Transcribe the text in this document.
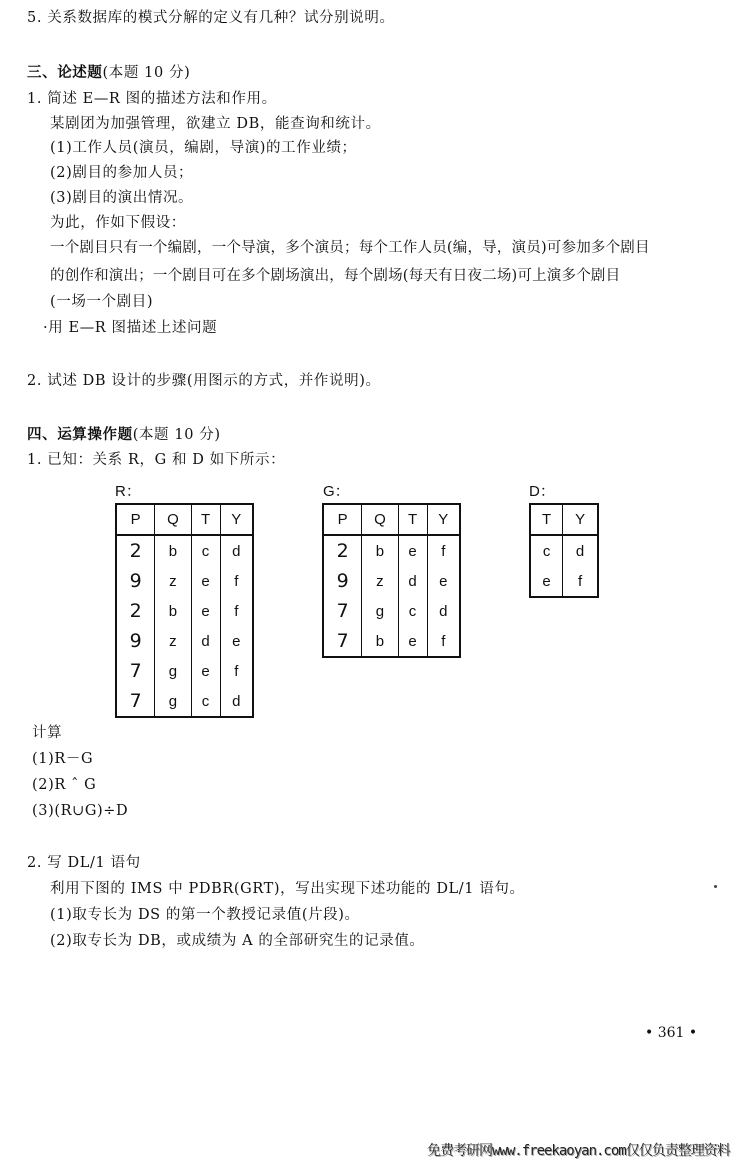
5. 关系数据库的模式分解的定义有几种？试分别说明。
三、论述题(本题 10 分)
1. 简述 E—R 图的描述方法和作用。
某剧团为加强管理，欲建立 DB，能查询和统计。
(1)工作人员(演员，编剧，导演)的工作业绩；
(2)剧目的参加人员；
(3)剧目的演出情况。
为此，作如下假设：
一个剧目只有一个编剧，一个导演，多个演员；每个工作人员(编，导，演员)可参加多个剧目
的创作和演出；一个剧目可在多个剧场演出，每个剧场(每天有日夜二场)可上演多个剧目
(一场一个剧目)
·用 E—R 图描述上述问题
2. 试述 DB 设计的步骤(用图示的方式，并作说明)。
四、运算操作题(本题 10 分)
1. 已知：关系 R，G 和 D 如下所示：
R：	G：	D：
P	Q	T	Y
2	b	c	d
9	z	e	f
2	b	e	f
9	z	d	e
7	g	e	f
7	g	c	d
P	Q	T	Y
2	b	e	f
9	z	d	e
7	g	c	d
7	b	e	f
T	Y
c	d
e	f
计算
(1)R－G
(2)R ˆ G
(3)(R∪G)÷D
2. 写 DL/1 语句
利用下图的 IMS 中 PDBR(GRT)，写出实现下述功能的 DL/1 语句。
(1)取专长为 DS 的第一个教授记录值(片段)。
(2)取专长为 DB，或成绩为 A 的全部研究生的记录值。
• 361 •
免费考研网www.freekaoyan.com仅仅负责整理资料
